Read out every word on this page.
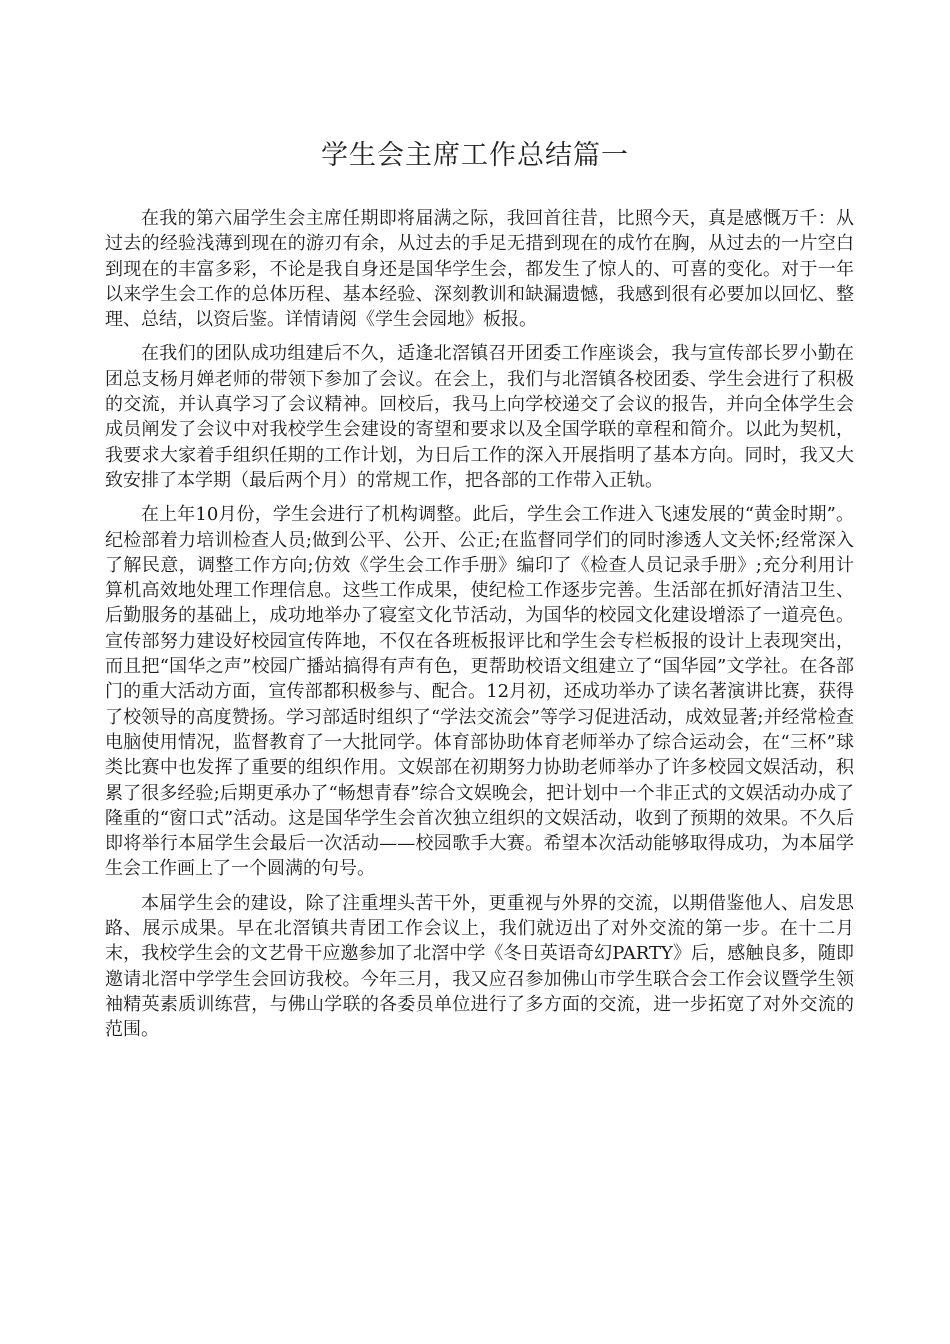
学生会主席工作总结篇一

在我的第六届学生会主席任期即将届满之际，我回首往昔，比照今天，真是感慨万千：从过去的经验浅薄到现在的游刃有余，从过去的手足无措到现在的成竹在胸，从过去的一片空白到现在的丰富多彩，不论是我自身还是国华学生会，都发生了惊人的、可喜的变化。对于一年以来学生会工作的总体历程、基本经验、深刻教训和缺漏遗憾，我感到很有必要加以回忆、整理、总结，以资后鉴。详情请阅《学生会园地》板报。

在我们的团队成功组建后不久，适逢北滘镇召开团委工作座谈会，我与宣传部长罗小勤在团总支杨月婵老师的带领下参加了会议。在会上，我们与北滘镇各校团委、学生会进行了积极的交流，并认真学习了会议精神。回校后，我马上向学校递交了会议的报告，并向全体学生会成员阐发了会议中对我校学生会建设的寄望和要求以及全国学联的章程和简介。以此为契机，我要求大家着手组织任期的工作计划，为日后工作的深入开展指明了基本方向。同时，我又大致安排了本学期（最后两个月）的常规工作，把各部的工作带入正轨。

在上年10月份，学生会进行了机构调整。此后，学生会工作进入飞速发展的“黄金时期”。纪检部着力培训检查人员;做到公平、公开、公正;在监督同学们的同时渗透人文关怀;经常深入了解民意，调整工作方向;仿效《学生会工作手册》编印了《检查人员记录手册》;充分利用计算机高效地处理工作理信息。这些工作成果，使纪检工作逐步完善。生活部在抓好清洁卫生、后勤服务的基础上，成功地举办了寝室文化节活动，为国华的校园文化建设增添了一道亮色。宣传部努力建设好校园宣传阵地，不仅在各班板报评比和学生会专栏板报的设计上表现突出，而且把“国华之声”校园广播站搞得有声有色，更帮助校语文组建立了“国华园”文学社。在各部门的重大活动方面，宣传部都积极参与、配合。12月初，还成功举办了读名著演讲比赛，获得了校领导的高度赞扬。学习部适时组织了“学法交流会”等学习促进活动，成效显著;并经常检查电脑使用情况，监督教育了一大批同学。体育部协助体育老师举办了综合运动会，在“三杯”球类比赛中也发挥了重要的组织作用。文娱部在初期努力协助老师举办了许多校园文娱活动，积累了很多经验;后期更承办了“畅想青春”综合文娱晚会，把计划中一个非正式的文娱活动办成了隆重的“窗口式”活动。这是国华学生会首次独立组织的文娱活动，收到了预期的效果。不久后即将举行本届学生会最后一次活动——校园歌手大赛。希望本次活动能够取得成功，为本届学生会工作画上了一个圆满的句号。

本届学生会的建设，除了注重埋头苦干外，更重视与外界的交流，以期借鉴他人、启发思路、展示成果。早在北滘镇共青团工作会议上，我们就迈出了对外交流的第一步。在十二月末，我校学生会的文艺骨干应邀参加了北滘中学《冬日英语奇幻PARTY》后，感触良多，随即邀请北滘中学学生会回访我校。今年三月，我又应召参加佛山市学生联合会工作会议暨学生领袖精英素质训练营，与佛山学联的各委员单位进行了多方面的交流，进一步拓宽了对外交流的范围。
